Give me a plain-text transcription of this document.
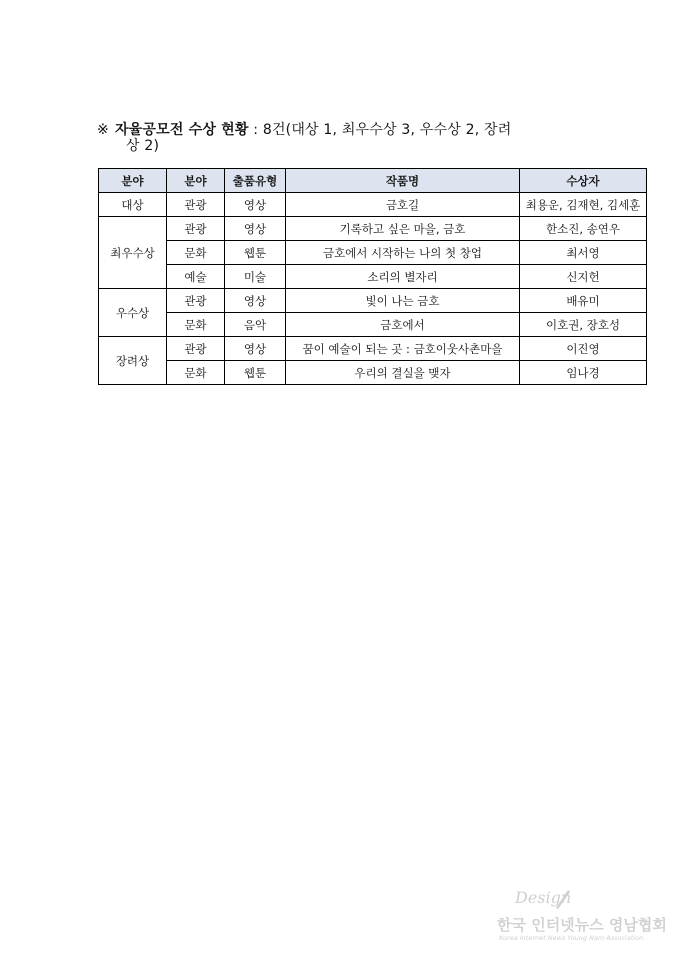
※ 자율공모전 수상 현황 : 8건(대상 1, 최우수상 3, 우수상 2, 장려
상 2)
분야	분야	출품유형	작품명	수상자
대상	관광	영상	금호길	최용운, 김재현, 김세훈
최우수상	관광	영상	기록하고 싶은 마을, 금호	한소진, 송연우
	문화	웹툰	금호에서 시작하는 나의 첫 창업	최서영
	예술	미술	소리의 별자리	신지헌
우수상	관광	영상	빛이 나는 금호	배유미
	문화	음악	금호에서	이호권, 장호성
장려상	관광	영상	꿈이 예술이 되는 곳 : 금호이웃사촌마을	이진영
	문화	웹툰	우리의 결실을 맺자	임나경
Design
한국 인터넷뉴스 영남협회
Korea Internet News Young Nam Association
